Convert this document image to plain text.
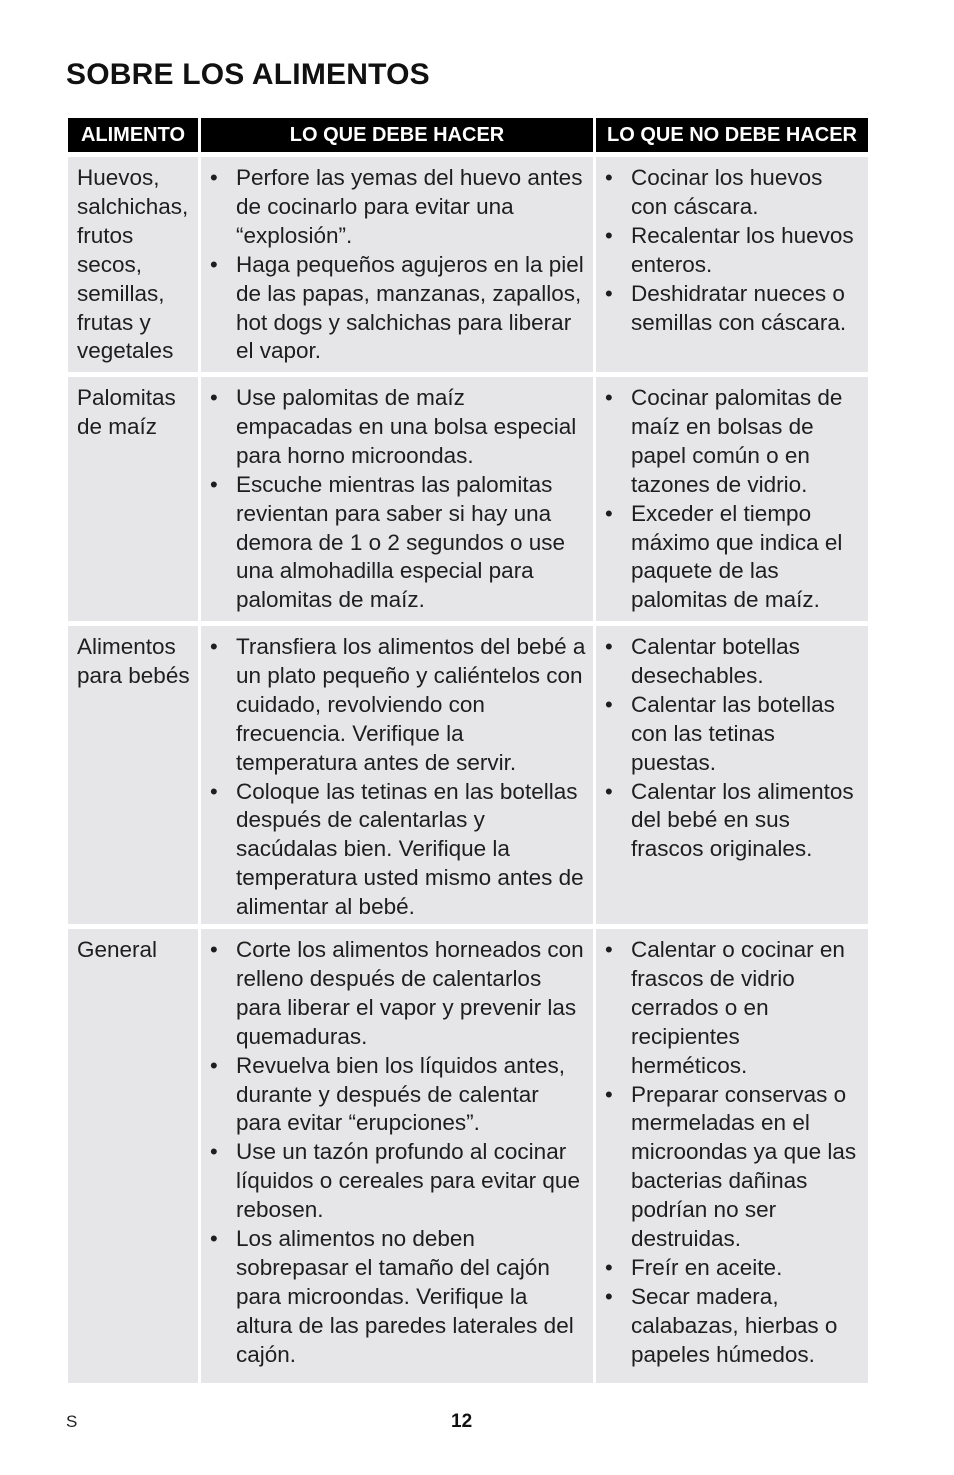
SOBRE LOS ALIMENTOS
ALIMENTO	LO QUE DEBE HACER	LO QUE NO DEBE HACER
Huevos, salchichas, frutos secos, semillas, frutas y vegetales
• Perfore las yemas del huevo antes de cocinarlo para evitar una “explosión”.
• Haga pequeños agujeros en la piel de las papas, manzanas, zapallos, hot dogs y salchichas para liberar el vapor.
• Cocinar los huevos con cáscara.
• Recalentar los huevos enteros.
• Deshidratar nueces o semillas con cáscara.
Palomitas de maíz
• Use palomitas de maíz empacadas en una bolsa especial para horno microondas.
• Escuche mientras las palomitas revientan para saber si hay una demora de 1 o 2 segundos o use una almohadilla especial para palomitas de maíz.
• Cocinar palomitas de maíz en bolsas de papel común o en tazones de vidrio.
• Exceder el tiempo máximo que indica el paquete de las palomitas de maíz.
Alimentos para bebés
• Transfiera los alimentos del bebé a un plato pequeño y caliéntelos con cuidado, revolviendo con frecuencia. Verifique la temperatura antes de servir.
• Coloque las tetinas en las botellas después de calentarlas y sacúdalas bien. Verifique la temperatura usted mismo antes de alimentar al bebé.
• Calentar botellas desechables.
• Calentar las botellas con las tetinas puestas.
• Calentar los alimentos del bebé en sus frascos originales.
General
•	Corte los alimentos horneados con relleno después de calentarlos para liberar el vapor y prevenir las quemaduras.
• Revuelva bien los líquidos antes, durante y después de calentar para evitar “erupciones”.
• Use un tazón profundo al cocinar líquidos o cereales para evitar que rebosen.
• Los alimentos no deben sobrepasar el tamaño del cajón para microondas. Verifique la altura de las paredes laterales del cajón.
• Calentar o cocinar en frascos de vidrio cerrados o en recipientes herméticos.
• Preparar conservas o mermeladas en el microondas ya que las bacterias dañinas podrían no ser destruidas.
• Freír en aceite.
• Secar madera, calabazas, hierbas o papeles húmedos.
S	12
